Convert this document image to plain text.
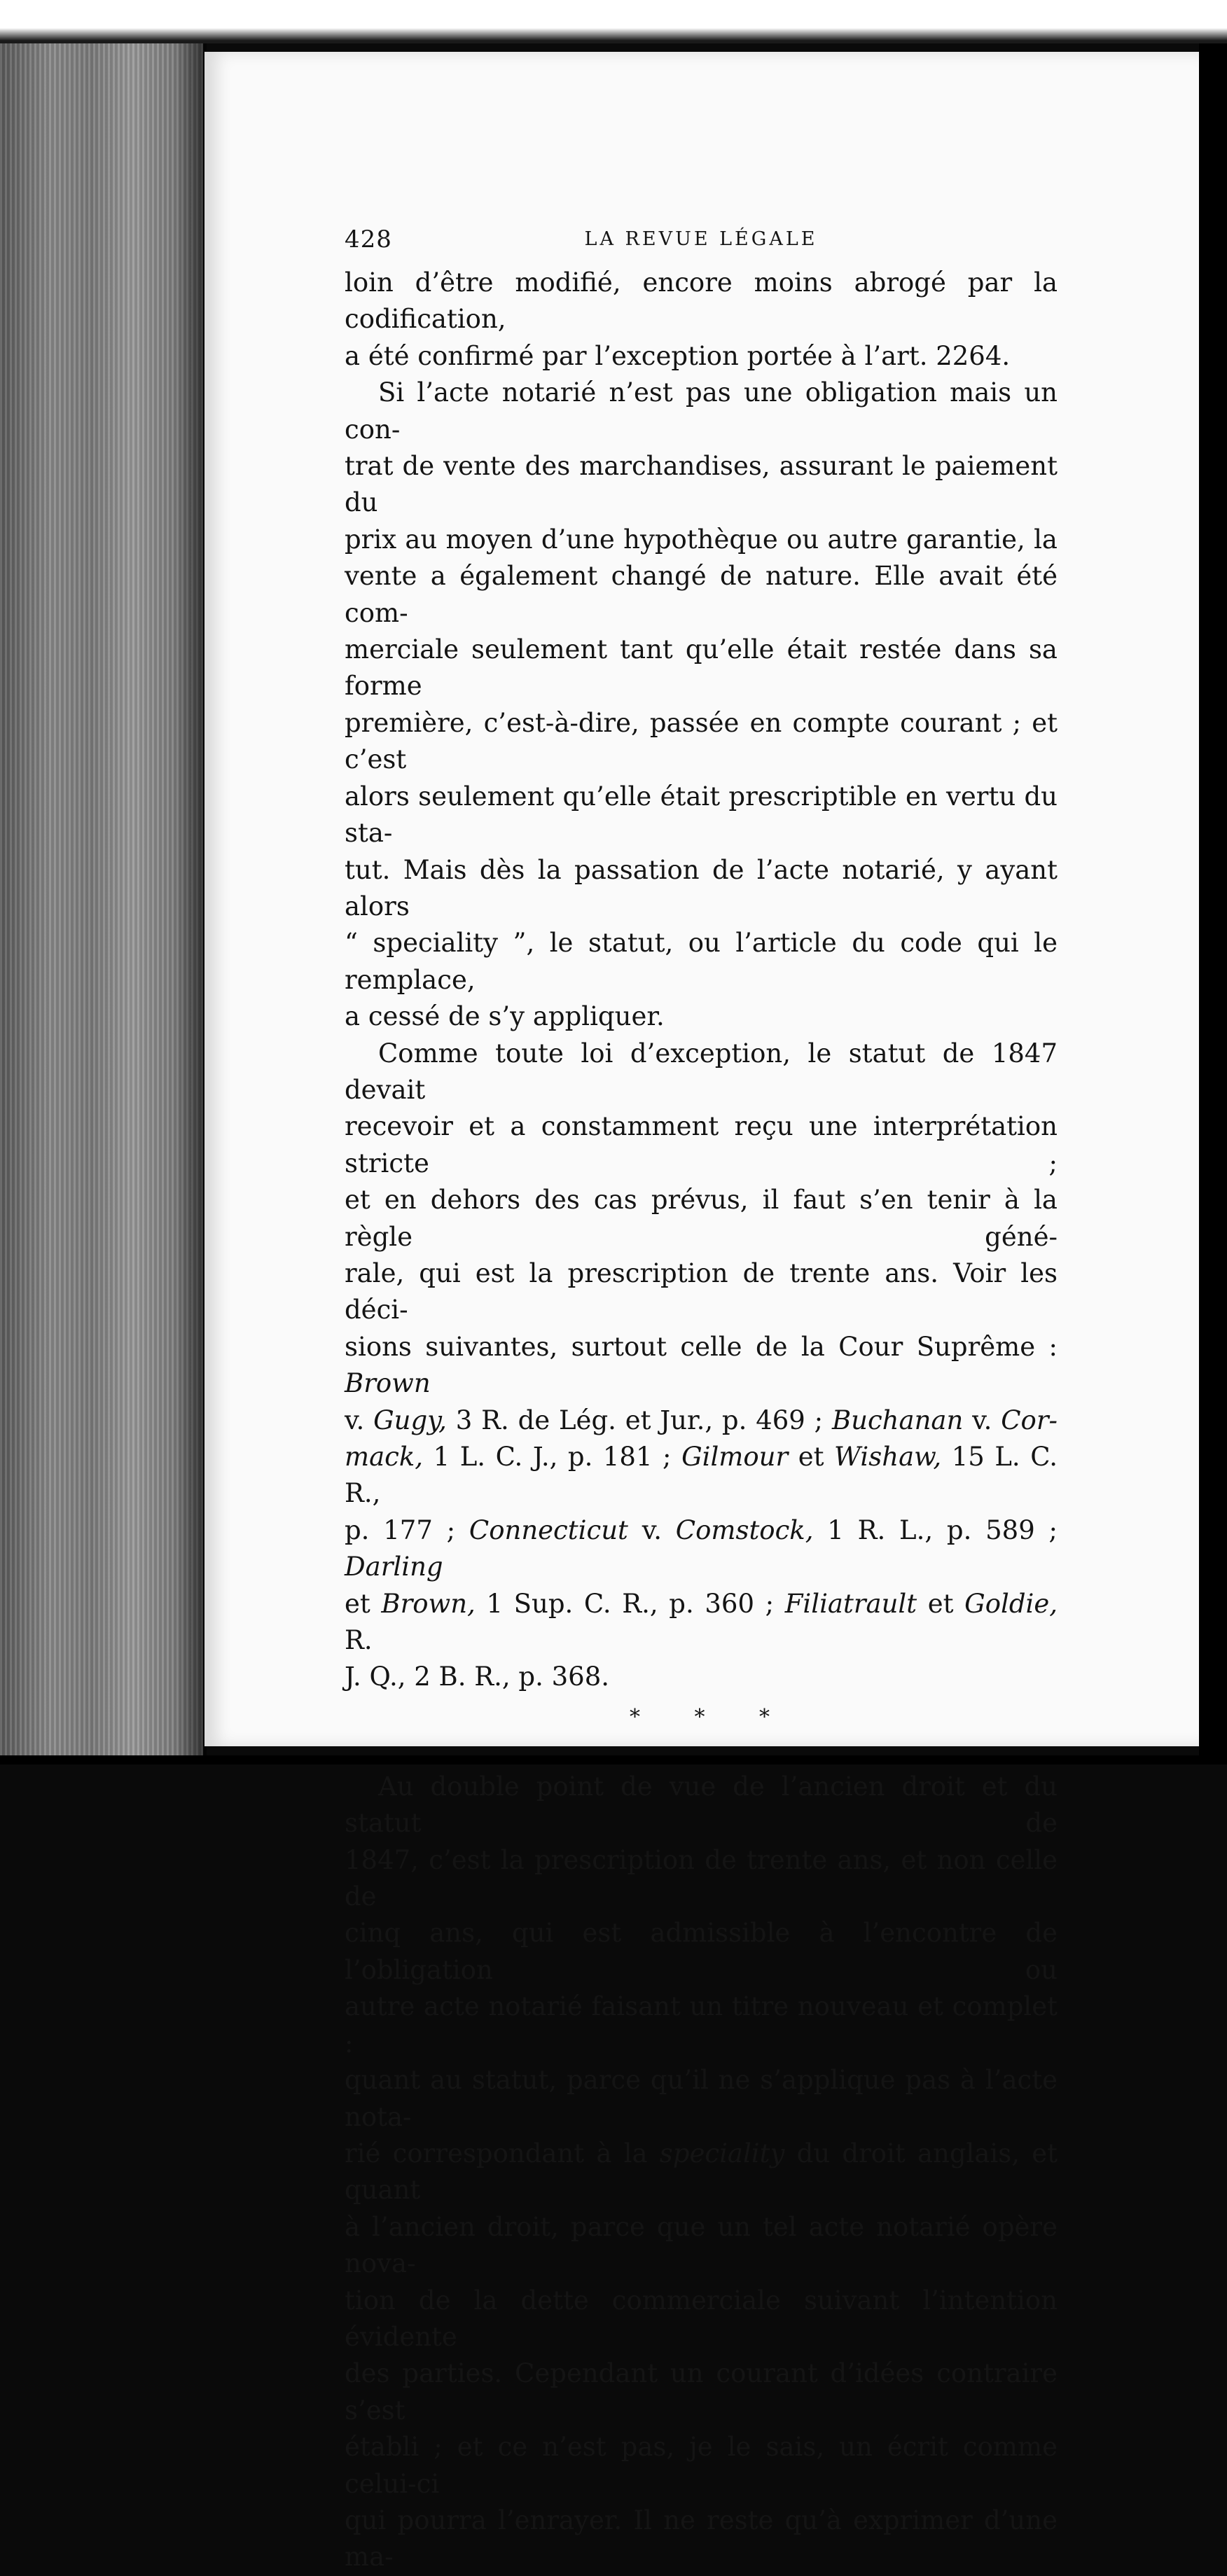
428	LA REVUE LÉGALE

loin d’être modifié, encore moins abrogé par la codification,

a été confirmé par l’exception portée à l’art. 2264.

Si l’acte notarié n’est pas une obligation mais un con-

trat de vente des marchandises, assurant le paiement du

prix au moyen d’une hypothèque ou autre garantie, la

vente a également changé de nature. Elle avait été com-

merciale seulement tant qu’elle était restée dans sa forme

première, c’est-à-dire, passée en compte courant ; et c’est

alors seulement qu’elle était prescriptible en vertu du sta-

tut. Mais dès la passation de l’acte notarié, y ayant alors

“ speciality ”, le statut, ou l’article du code qui le remplace,

a cessé de s’y appliquer.

Comme toute loi d’exception, le statut de 1847 devait

recevoir et a constamment reçu une interprétation stricte ;

et en dehors des cas prévus, il faut s’en tenir à la règle géné-

rale, qui est la prescription de trente ans. Voir les déci-

sions suivantes, surtout celle de la Cour Suprême : Brown

v. Gugy, 3 R. de Lég. et Jur., p. 469 ; Buchanan v. Cor-

mack, 1 L. C. J., p. 181 ; Gilmour et Wishaw, 15 L. C. R.,

p. 177 ; Connecticut v. Comstock, 1 R. L., p. 589 ; Darling

et Brown, 1 Sup. C. R., p. 360 ; Filiatrault et Goldie, R.

J. Q., 2 B. R., p. 368.

* * *

Au double point de vue de l’ancien droit et du statut de

1847, c’est la prescription de trente ans, et non celle de

cinq ans, qui est admissible à l’encontre de l’obligation ou

autre acte notarié faisant un titre nouveau et complet :

quant au statut, parce qu’il ne s’applique pas à l’acte nota-

rié correspondant à la speciality du droit anglais, et quant

à l’ancien droit, parce que un tel acte notarié opère nova-

tion de la dette commerciale suivant l’intention évidente

des parties. Cependant un courant d’idées contraire s’est

établi ; et ce n’est pas, je le sais, un écrit comme celui-ci

qui pourra l’enrayer. Il ne reste qu’à exprimer d’une ma-
